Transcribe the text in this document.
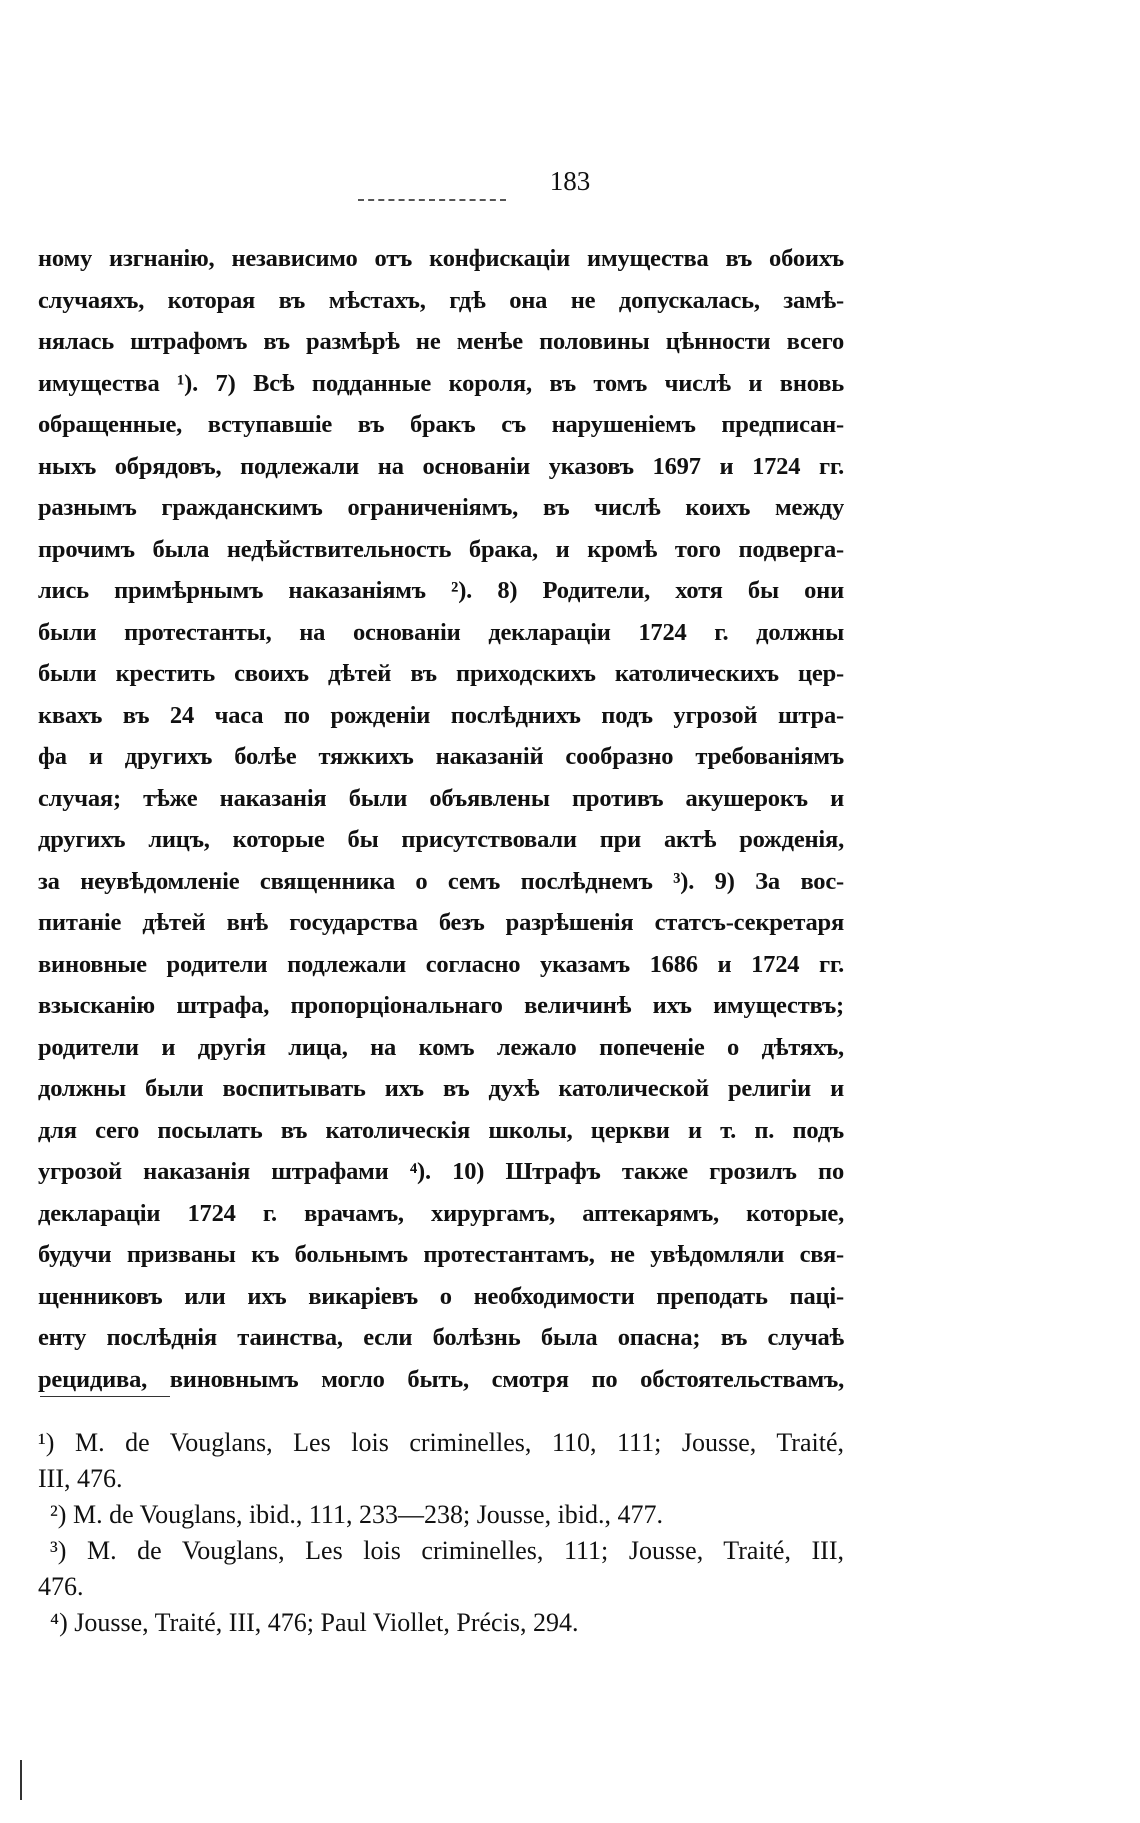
183
ному изгнанію, независимо отъ конфискаціи имущества въ обоихъ
случаяхъ, которая въ мѣстахъ, гдѣ она не допускалась, замѣ-
нялась штрафомъ въ размѣрѣ не менѣе половины цѣнности всего
имущества ¹). 7) Всѣ подданные короля, въ томъ числѣ и вновь
обращенные, вступавшіе въ бракъ съ нарушеніемъ предписан-
ныхъ обрядовъ, подлежали на основаніи указовъ 1697 и 1724 гг.
разнымъ гражданскимъ ограниченіямъ, въ числѣ коихъ между
прочимъ была недѣйствительность брака, и кромѣ того подверга-
лись примѣрнымъ наказаніямъ ²). 8) Родители, хотя бы они
были протестанты, на основаніи деклараціи 1724 г. должны
были крестить своихъ дѣтей въ приходскихъ католическихъ цер-
квахъ въ 24 часа по рожденіи послѣднихъ подъ угрозой штра-
фа и другихъ болѣе тяжкихъ наказаній сообразно требованіямъ
случая; тѣже наказанія были объявлены противъ акушерокъ и
другихъ лицъ, которые бы присутствовали при актѣ рожденія,
за неувѣдомленіе священника о семъ послѣднемъ ³). 9) За вос-
питаніе дѣтей внѣ государства безъ разрѣшенія статсъ-секретаря
виновные родители подлежали согласно указамъ 1686 и 1724 гг.
взысканію штрафа, пропорціональнаго величинѣ ихъ имуществъ;
родители и другія лица, на комъ лежало попеченіе о дѣтяхъ,
должны были воспитывать ихъ въ духѣ католической религіи и
для сего посылать въ католическія школы, церкви и т. п. подъ
угрозой наказанія штрафами ⁴). 10) Штрафъ также грозилъ по
деклараціи 1724 г. врачамъ, хирургамъ, аптекарямъ, которые,
будучи призваны къ больнымъ протестантамъ, не увѣдомляли свя-
щенниковъ или ихъ викаріевъ о необходимости преподать паці-
енту послѣднія таинства, если болѣзнь была опасна; въ случаѣ
рецидива, виновнымъ могло быть, смотря по обстоятельствамъ,
¹) M. de Vouglans, Les lois criminelles, 110, 111; Jousse, Traité,
III, 476.
²) M. de Vouglans, ibid., 111, 233—238; Jousse, ibid., 477.
³) M. de Vouglans, Les lois criminelles, 111; Jousse, Traité, III,
476.
⁴) Jousse, Traité, III, 476; Paul Viollet, Précis, 294.
